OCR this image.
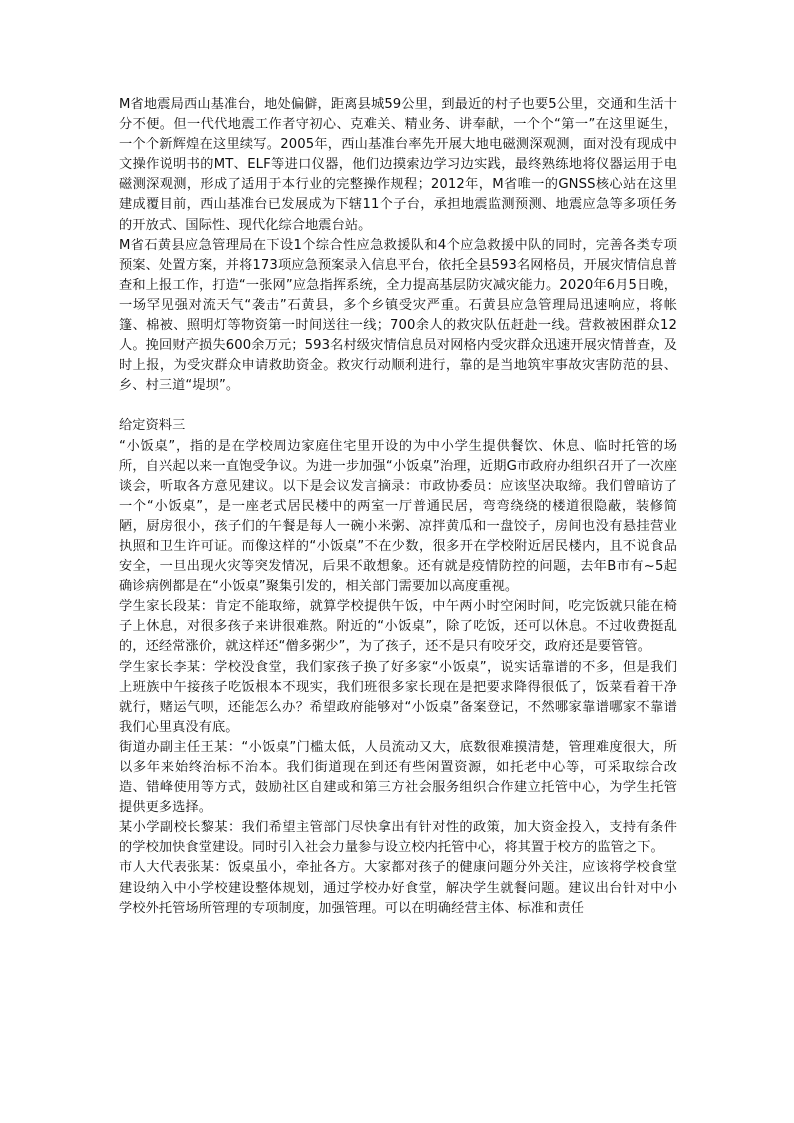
M省地震局西山基准台，地处偏僻，距离县城59公里，到最近的村子也要5公里，交通和生活十分不便。但一代代地震工作者守初心、克难关、精业务、讲奉献，一个个“第一”在这里诞生，一个个新辉煌在这里续写。2005年，西山基准台率先开展大地电磁测深观测，面对没有现成中文操作说明书的MT、ELF等进口仪器，他们边摸索边学习边实践，最终熟练地将仪器运用于电磁测深观测，形成了适用于本行业的完整操作规程；2012年，M省唯一的GNSS核心站在这里建成覆目前，西山基准台已发展成为下辖11个子台，承担地震监测预测、地震应急等多项任务的开放式、国际性、现代化综合地震台站。

M省石黄县应急管理局在下设1个综合性应急救援队和4个应急救援中队的同时，完善各类专项预案、处置方案，并将173项应急预案录入信息平台，依托全县593名网格员，开展灾情信息普查和上报工作，打造“一张网”应急指挥系统，全力提高基层防灾减灾能力。2020年6月5日晚，一场罕见强对流天气“袭击”石黄县，多个乡镇受灾严重。石黄县应急管理局迅速响应，将帐篷、棉被、照明灯等物资第一时间送往一线；700余人的救灾队伍赶赴一线。营救被困群众12人。挽回财产损失600余万元；593名村级灾情信息员对网格内受灾群众迅速开展灾情普查，及时上报，为受灾群众申请救助资金。救灾行动顺利进行，靠的是当地筑牢事故灾害防范的县、乡、村三道“堤坝”。

给定资料三

“小饭桌”，指的是在学校周边家庭住宅里开设的为中小学生提供餐饮、休息、临时托管的场所，自兴起以来一直饱受争议。为进一步加强“小饭桌”治理，近期G市政府办组织召开了一次座谈会，听取各方意见建议。以下是会议发言摘录：市政协委员：应该坚决取缔。我们曾暗访了一个“小饭桌”，是一座老式居民楼中的两室一厅普通民居，弯弯绕绕的楼道很隐蔽，装修简陋，厨房很小，孩子们的午餐是每人一碗小米粥、凉拌黄瓜和一盘饺子，房间也没有悬挂营业执照和卫生许可证。而像这样的“小饭桌”不在少数，很多开在学校附近居民楼内，且不说食品安全，一旦出现火灾等突发情况，后果不敢想象。还有就是疫情防控的问题，去年B市有~5起确诊病例都是在“小饭桌”聚集引发的，相关部门需要加以高度重视。

学生家长段某：肯定不能取缔，就算学校提供午饭，中午两小时空闲时间，吃完饭就只能在椅子上休息，对很多孩子来讲很难熬。附近的“小饭桌”，除了吃饭，还可以休息。不过收费挺乱的，还经常涨价，就这样还“僧多粥少”，为了孩子，还不是只有咬牙交，政府还是要管管。

学生家长李某：学校没食堂，我们家孩子换了好多家“小饭桌”，说实话靠谱的不多，但是我们上班族中午接孩子吃饭根本不现实，我们班很多家长现在是把要求降得很低了，饭菜看着干净就行，赌运气呗，还能怎么办？希望政府能够对“小饭桌”备案登记，不然哪家靠谱哪家不靠谱我们心里真没有底。

街道办副主任王某：“小饭桌”门槛太低，人员流动又大，底数很难摸清楚，管理难度很大，所以多年来始终治标不治本。我们街道现在到还有些闲置资源，如托老中心等，可采取综合改造、错峰使用等方式，鼓励社区自建或和第三方社会服务组织合作建立托管中心，为学生托管提供更多选择。

某小学副校长黎某：我们希望主管部门尽快拿出有针对性的政策，加大资金投入，支持有条件的学校加快食堂建设。同时引入社会力量参与设立校内托管中心，将其置于校方的监管之下。

市人大代表张某：饭桌虽小，牵扯各方。大家都对孩子的健康问题分外关注，应该将学校食堂建设纳入中小学校建设整体规划，通过学校办好食堂，解决学生就餐问题。建议出台针对中小学校外托管场所管理的专项制度，加强管理。可以在明确经营主体、标准和责任
